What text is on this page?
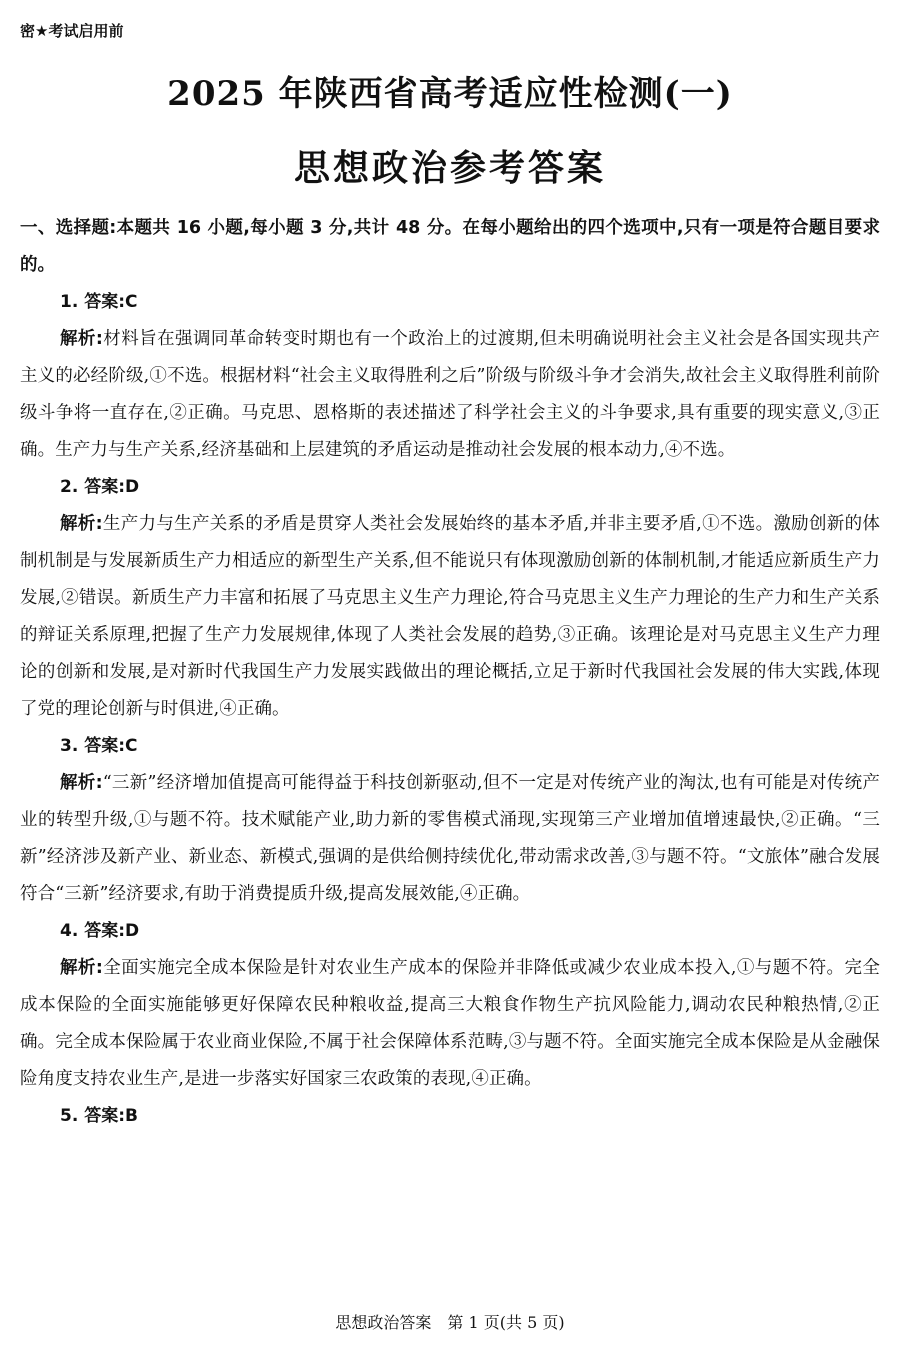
密★考试启用前
2025 年陕西省高考适应性检测(一)
思想政治参考答案

一、选择题:本题共 16 小题,每小题 3 分,共计 48 分。在每小题给出的四个选项中,只有一项是符合题目要求的。

1. 答案:C

解析:材料旨在强调同革命转变时期也有一个政治上的过渡期,但未明确说明社会主义社会是各国实现共产主义的必经阶级,①不选。根据材料“社会主义取得胜利之后”阶级与阶级斗争才会消失,故社会主义取得胜利前阶级斗争将一直存在,②正确。马克思、恩格斯的表述描述了科学社会主义的斗争要求,具有重要的现实意义,③正确。生产力与生产关系,经济基础和上层建筑的矛盾运动是推动社会发展的根本动力,④不选。

2. 答案:D

解析:生产力与生产关系的矛盾是贯穿人类社会发展始终的基本矛盾,并非主要矛盾,①不选。激励创新的体制机制是与发展新质生产力相适应的新型生产关系,但不能说只有体现激励创新的体制机制,才能适应新质生产力发展,②错误。新质生产力丰富和拓展了马克思主义生产力理论,符合马克思主义生产力理论的生产力和生产关系的辩证关系原理,把握了生产力发展规律,体现了人类社会发展的趋势,③正确。该理论是对马克思主义生产力理论的创新和发展,是对新时代我国生产力发展实践做出的理论概括,立足于新时代我国社会发展的伟大实践,体现了党的理论创新与时俱进,④正确。

3. 答案:C

解析:“三新”经济增加值提高可能得益于科技创新驱动,但不一定是对传统产业的淘汰,也有可能是对传统产业的转型升级,①与题不符。技术赋能产业,助力新的零售模式涌现,实现第三产业增加值增速最快,②正确。“三新”经济涉及新产业、新业态、新模式,强调的是供给侧持续优化,带动需求改善,③与题不符。“文旅体”融合发展符合“三新”经济要求,有助于消费提质升级,提高发展效能,④正确。

4. 答案:D

解析:全面实施完全成本保险是针对农业生产成本的保险并非降低或减少农业成本投入,①与题不符。完全成本保险的全面实施能够更好保障农民种粮收益,提高三大粮食作物生产抗风险能力,调动农民种粮热情,②正确。完全成本保险属于农业商业保险,不属于社会保障体系范畴,③与题不符。全面实施完全成本保险是从金融保险角度支持农业生产,是进一步落实好国家三农政策的表现,④正确。

5. 答案:B

思想政治答案　第 1 页(共 5 页)
